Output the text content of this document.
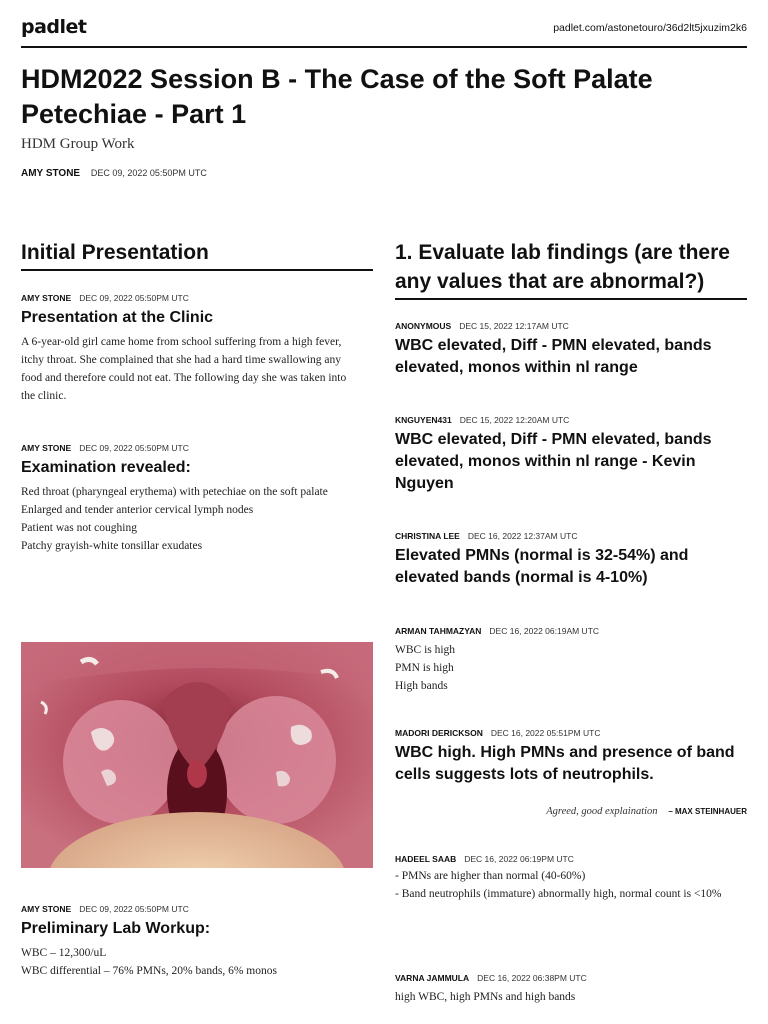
padlet	padlet.com/astonetouro/36d2lt5jxuzim2k6
HDM2022 Session B - The Case of the Soft Palate Petechiae - Part 1
HDM Group Work
AMY STONE DEC 09, 2022 05:50PM UTC
Initial Presentation
AMY STONE DEC 09, 2022 05:50PM UTC
Presentation at the Clinic

A 6-year-old girl came home from school suffering from a high fever, itchy throat. She complained that she had a hard time swallowing any food and therefore could not eat. The following day she was taken into the clinic.

AMY STONE DEC 09, 2022 05:50PM UTC
Examination revealed:

Red throat (pharyngeal erythema) with petechiae on the soft palate

Enlarged and tender anterior cervical lymph nodes

Patient was not coughing

Patchy grayish-white tonsillar exudates

AMY STONE DEC 09, 2022 05:50PM UTC
Preliminary Lab Workup:

WBC – 12,300/uL

WBC differential – 76% PMNs, 20% bands, 6% monos

1. Evaluate lab findings (are there any values that are abnormal?)
ANONYMOUS DEC 15, 2022 12:17AM UTC
WBC elevated, Diff - PMN elevated, bands elevated, monos within nl range
KNGUYEN431 DEC 15, 2022 12:20AM UTC
WBC elevated, Diff - PMN elevated, bands elevated, monos within nl range - Kevin Nguyen
CHRISTINA LEE DEC 16, 2022 12:37AM UTC
Elevated PMNs (normal is 32-54%) and elevated bands (normal is 4-10%)
ARMAN TAHMAZYAN DEC 16, 2022 06:19AM UTC

WBC is high

PMN is high

High bands

MADORI DERICKSON DEC 16, 2022 05:51PM UTC
WBC high. High PMNs and presence of band cells suggests lots of neutrophils.
Agreed, good explaination – MAX STEINHAUER
HADEEL SAAB DEC 16, 2022 06:19PM UTC

- PMNs are higher than normal (40-60%)

- Band neutrophils (immature) abnormally high, normal count is <10%

VARNA JAMMULA DEC 16, 2022 06:38PM UTC

high WBC, high PMNs and high bands
